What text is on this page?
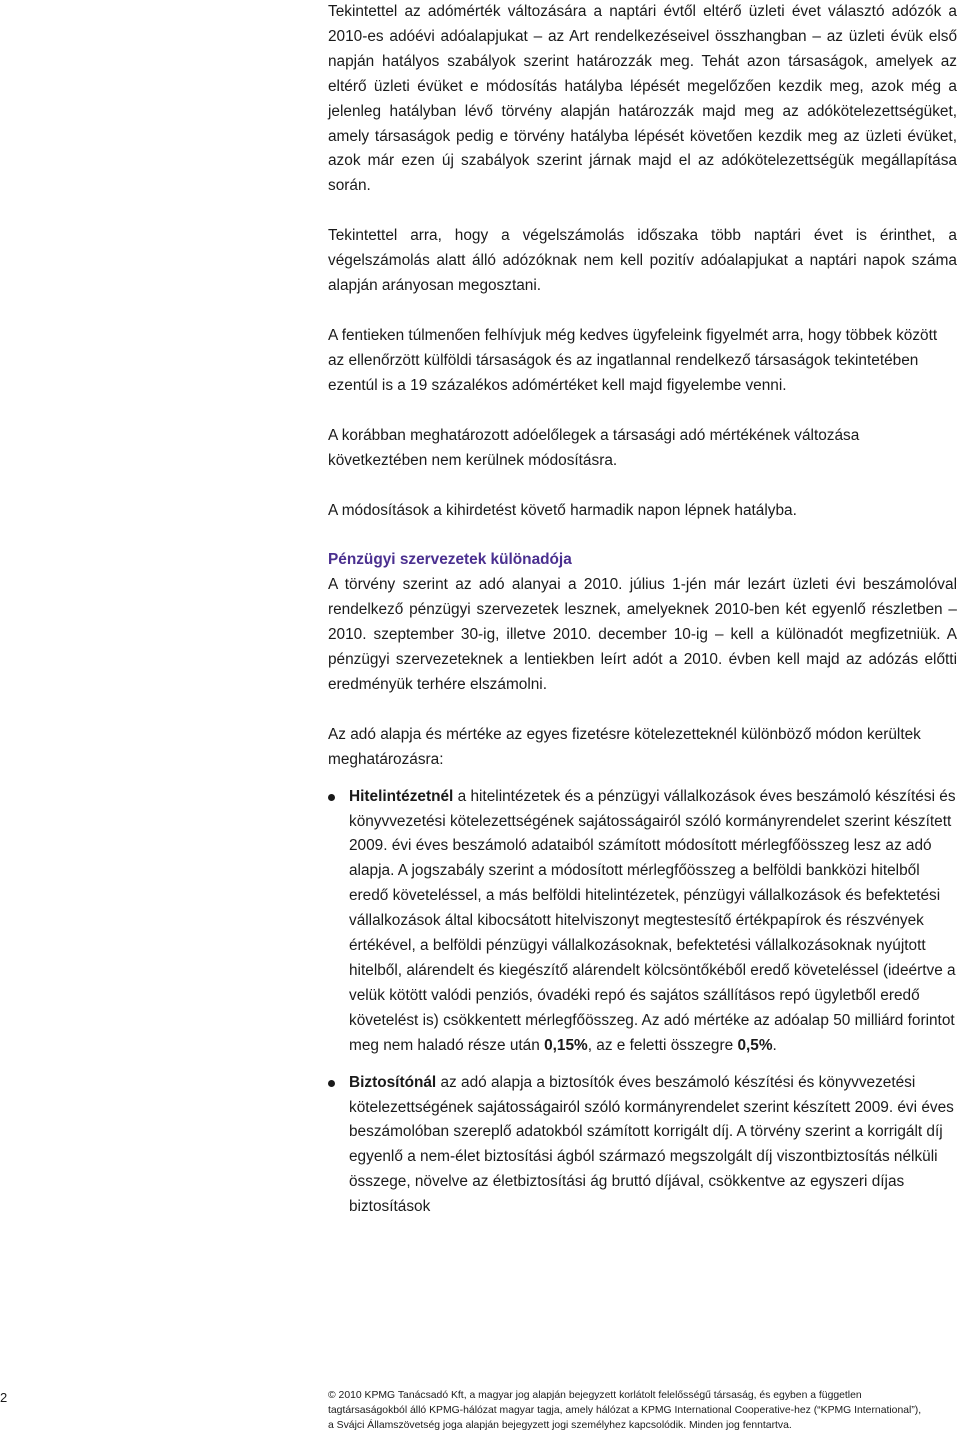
Tekintettel az adómérték változására a naptári évtől eltérő üzleti évet választó adózók a 2010-es adóévi adóalapjukat – az Art rendelkezéseivel összhangban – az üzleti évük első napján hatályos szabályok szerint határozzák meg. Tehát azon társaságok, amelyek az eltérő üzleti évüket e módosítás hatályba lépését megelőzően kezdik meg, azok még a jelenleg hatályban lévő törvény alapján határozzák majd meg az adókötelezettségüket, amely társaságok pedig e törvény hatályba lépését követően kezdik meg az üzleti évüket, azok már ezen új szabályok szerint járnak majd el az adókötelezettségük megállapítása során.

Tekintettel arra, hogy a végelszámolás időszaka több naptári évet is érinthet, a végelszámolás alatt álló adózóknak nem kell pozitív adóalapjukat a naptári napok száma alapján arányosan megosztani.

A fentieken túlmenően felhívjuk még kedves ügyfeleink figyelmét arra, hogy többek között az ellenőrzött külföldi társaságok és az ingatlannal rendelkező társaságok tekintetében ezentúl is a 19 százalékos adómértéket kell majd figyelembe venni.

A korábban meghatározott adóelőlegek a társasági adó mértékének változása következtében nem kerülnek módosításra.

A módosítások a kihirdetést követő harmadik napon lépnek hatályba.

Pénzügyi szervezetek különadója

A törvény szerint az adó alanyai a 2010. július 1-jén már lezárt üzleti évi beszámolóval rendelkező pénzügyi szervezetek lesznek, amelyeknek 2010-ben két egyenlő részletben – 2010. szeptember 30-ig, illetve 2010. december 10-ig – kell a különadót megfizetniük. A pénzügyi szervezeteknek a lentiekben leírt adót a 2010. évben kell majd az adózás előtti eredményük terhére elszámolni.

Az adó alapja és mértéke az egyes fizetésre kötelezetteknél különböző módon kerültek meghatározásra:

Hitelintézetnél a hitelintézetek és a pénzügyi vállalkozások éves beszámoló készítési és könyvvezetési kötelezettségének sajátosságairól szóló kormányrendelet szerint készített 2009. évi éves beszámoló adataiból számított módosított mérlegfőösszeg lesz az adó alapja. A jogszabály szerint a módosított mérlegfőösszeg a belföldi bankközi hitelből eredő követeléssel, a más belföldi hitelintézetek, pénzügyi vállalkozások és befektetési vállalkozások által kibocsátott hitelviszonyt megtestesítő értékpapírok és részvények értékével, a belföldi pénzügyi vállalkozásoknak, befektetési vállalkozásoknak nyújtott hitelből, alárendelt és kiegészítő alárendelt kölcsöntőkéből eredő követeléssel (ideértve a velük kötött valódi penziós, óvadéki repó és sajátos szállításos repó ügyletből eredő követelést is) csökkentett mérlegfőösszeg. Az adó mértéke az adóalap 50 milliárd forintot meg nem haladó része után 0,15%, az e feletti összegre 0,5%.
Biztosítónál az adó alapja a biztosítók éves beszámoló készítési és könyvvezetési kötelezettségének sajátosságairól szóló kormányrendelet szerint készített 2009. évi éves beszámolóban szereplő adatokból számított korrigált díj. A törvény szerint a korrigált díj egyenlő a nem-élet biztosítási ágból származó megszolgált díj viszontbiztosítás nélküli összege, növelve az életbiztosítási ág bruttó díjával, csökkentve az egyszeri díjas biztosítások
2	© 2010 KPMG Tanácsadó Kft, a magyar jog alapján bejegyzett korlátolt felelősségű társaság, és egyben a független tagtársaságokból álló KPMG-hálózat magyar tagja, amely hálózat a KPMG International Cooperative-hez (“KPMG International”), a Svájci Államszövetség joga alapján bejegyzett jogi személyhez kapcsolódik. Minden jog fenntartva.
